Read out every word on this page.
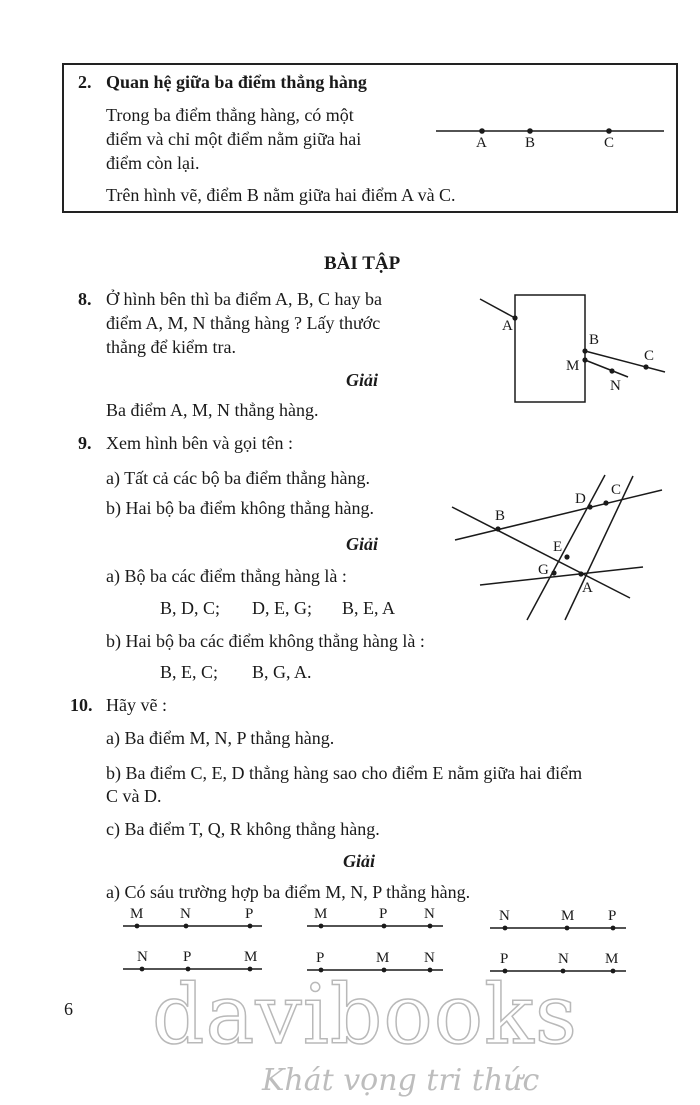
2. Quan hệ giữa ba điểm thẳng hàng
Trong ba điểm thẳng hàng, có một
điểm và chỉ một điểm nằm giữa hai
điểm còn lại.
Trên hình vẽ, điểm B nằm giữa hai điểm A và C.
A	B	C
BÀI TẬP
8. Ở hình bên thì ba điểm A, B, C hay ba
điểm A, M, N thẳng hàng ? Lấy thước
thẳng để kiểm tra.
Giải
Ba điểm A, M, N thẳng hàng.
A
B
M
C
N
9. Xem hình bên và gọi tên :
a) Tất cả các bộ ba điểm thẳng hàng.
b) Hai bộ ba điểm không thẳng hàng.
Giải
a) Bộ ba các điểm thẳng hàng là :
B, D, C; D, E, G; B, E, A
b) Hai bộ ba các điểm không thẳng hàng là :
B, E, C; B, G, A.
B
D
C
E
G
A
10. Hãy vẽ :
a) Ba điểm M, N, P thẳng hàng.
b) Ba điểm C, E, D thẳng hàng sao cho điểm E nằm giữa hai điểm
C và D.
c) Ba điểm T, Q, R không thẳng hàng.
Giải
a) Có sáu trường hợp ba điểm M, N, P thẳng hàng.
M N	P	M	P N	N	M P
N P	M	P	M N	P	N M
6 davibooks
Khát vọng tri thức
